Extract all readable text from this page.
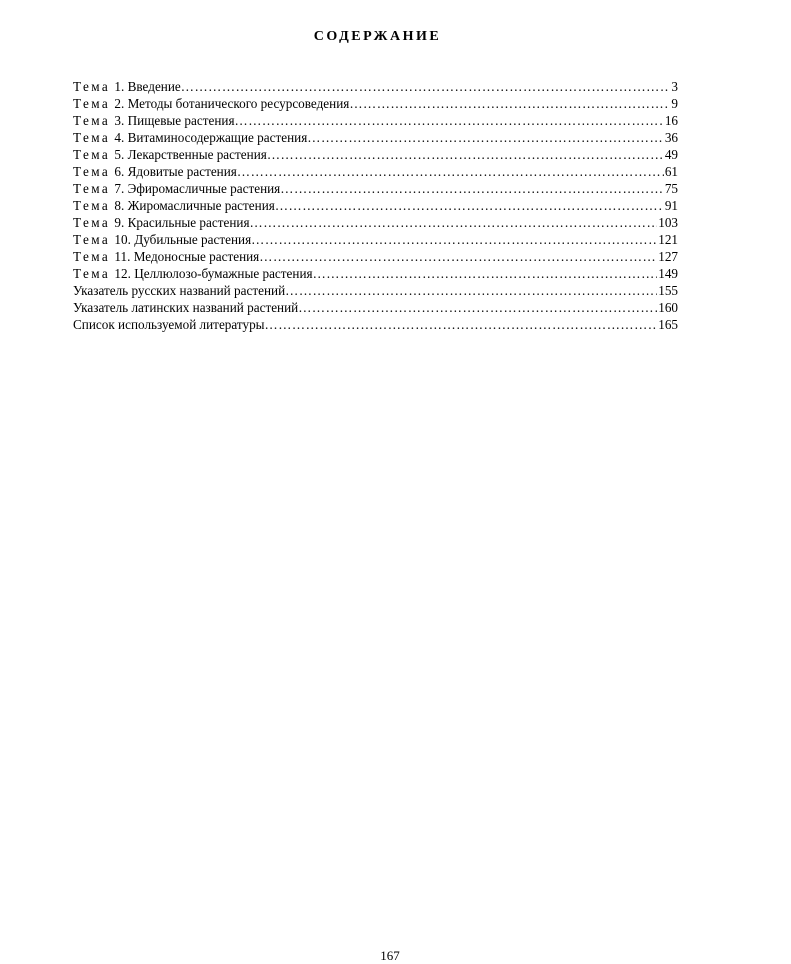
СОДЕРЖАНИЕ
Тема 1. Введение ……………………………………………………………………………………………………………………………………………………………………	3
Тема 2. Методы ботанического ресурсоведения ……………………………………………………………………………………………………………………………………………………………………	9
Тема 3. Пищевые растения ……………………………………………………………………………………………………………………………………………………………………	16
Тема 4. Витаминосодержащие растения ……………………………………………………………………………………………………………………………………………………………………	36
Тема 5. Лекарственные растения ……………………………………………………………………………………………………………………………………………………………………	49
Тема 6. Ядовитые растения ……………………………………………………………………………………………………………………………………………………………………	61
Тема 7. Эфиромасличные растения ……………………………………………………………………………………………………………………………………………………………………	75
Тема 8. Жиромасличные растения ……………………………………………………………………………………………………………………………………………………………………	91
Тема 9. Красильные растения ……………………………………………………………………………………………………………………………………………………………………	103
Тема 10. Дубильные растения ……………………………………………………………………………………………………………………………………………………………………	121
Тема 11. Медоносные растения ……………………………………………………………………………………………………………………………………………………………………	127
Тема 12. Целлюлозо-бумажные растения ……………………………………………………………………………………………………………………………………………………………………	149
Указатель русских названий растений ……………………………………………………………………………………………………………………………………………………………………	155
Указатель латинских названий растений ……………………………………………………………………………………………………………………………………………………………………	160
Список используемой литературы ……………………………………………………………………………………………………………………………………………………………………	165
167
